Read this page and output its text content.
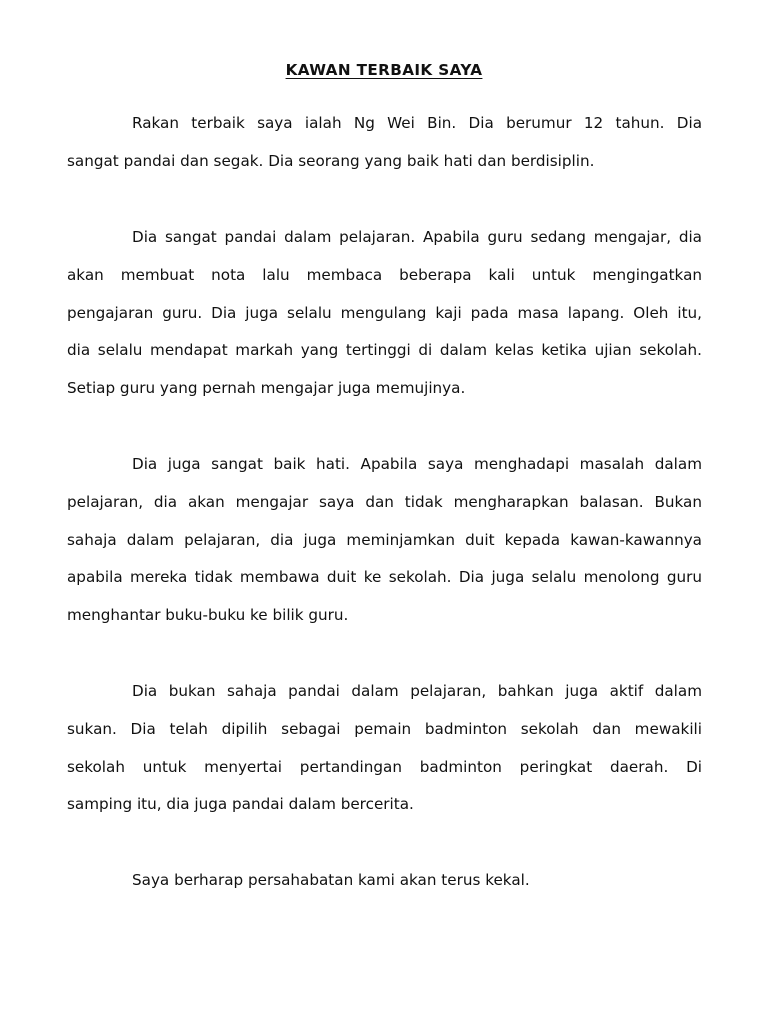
KAWAN TERBAIK SAYA
Rakan terbaik saya ialah Ng Wei Bin. Dia berumur 12 tahun. Dia
sangat pandai dan segak. Dia seorang yang baik hati dan berdisiplin.
Dia sangat pandai dalam pelajaran. Apabila guru sedang mengajar, dia
akan membuat nota lalu membaca beberapa kali untuk mengingatkan
pengajaran guru. Dia juga selalu mengulang kaji pada masa lapang. Oleh itu,
dia selalu mendapat markah yang tertinggi di dalam kelas ketika ujian sekolah.
Setiap guru yang pernah mengajar juga memujinya.
Dia juga sangat baik hati. Apabila saya menghadapi masalah dalam
pelajaran, dia akan mengajar saya dan tidak mengharapkan balasan. Bukan
sahaja dalam pelajaran, dia juga meminjamkan duit kepada kawan-kawannya
apabila mereka tidak membawa duit ke sekolah. Dia juga selalu menolong guru
menghantar buku-buku ke bilik guru.
Dia bukan sahaja pandai dalam pelajaran, bahkan juga aktif dalam
sukan. Dia telah dipilih sebagai pemain badminton sekolah dan mewakili
sekolah untuk menyertai pertandingan badminton peringkat daerah. Di
samping itu, dia juga pandai dalam bercerita.
Saya berharap persahabatan kami akan terus kekal.
